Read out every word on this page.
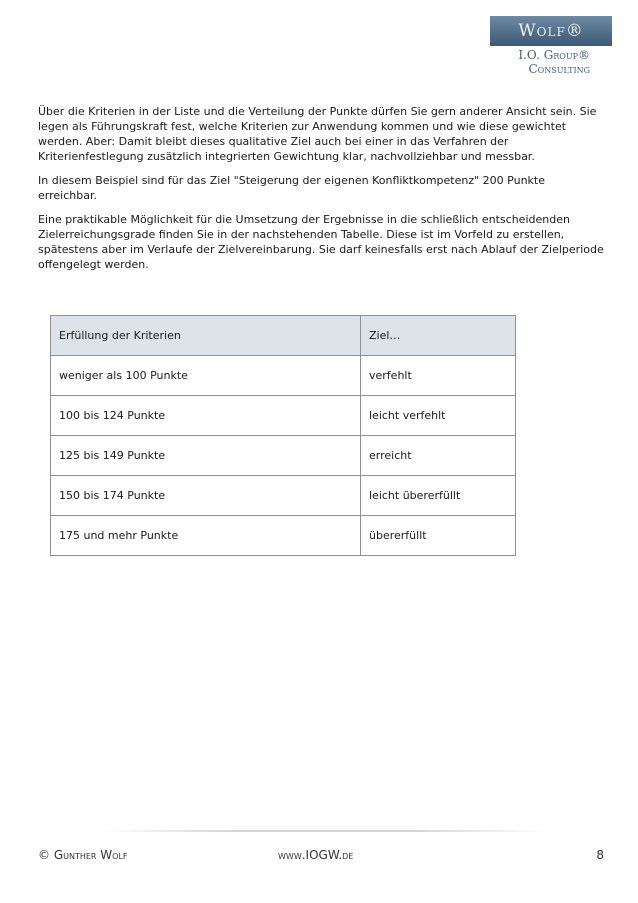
Wolf®
I.O. Group®
Consulting

Über die Kriterien in der Liste und die Verteilung der Punkte dürfen Sie gern anderer Ansicht sein. Sie legen als Führungskraft fest, welche Kriterien zur Anwendung kommen und wie diese gewichtet werden. Aber: Damit bleibt dieses qualitative Ziel auch bei einer in das Verfahren der Kriterienfestlegung zusätzlich integrierten Gewichtung klar, nachvollziehbar und messbar.

In diesem Beispiel sind für das Ziel "Steigerung der eigenen Konfliktkompetenz" 200 Punkte erreichbar.

Eine praktikable Möglichkeit für die Umsetzung der Ergebnisse in die schließlich entscheidenden Zielerreichungsgrade finden Sie in der nachstehenden Tabelle. Diese ist im Vorfeld zu erstellen, spätestens aber im Verlaufe der Zielvereinbarung. Sie darf keinesfalls erst nach Ablauf der Zielperiode offengelegt werden.

Erfüllung der Kriterien	Ziel…
weniger als 100 Punkte	verfehlt
100 bis 124 Punkte	leicht verfehlt
125 bis 149 Punkte	erreicht
150 bis 174 Punkte	leicht übererfüllt
175 und mehr Punkte	übererfüllt
© Gunther Wolf	www.IOGW.de	8
